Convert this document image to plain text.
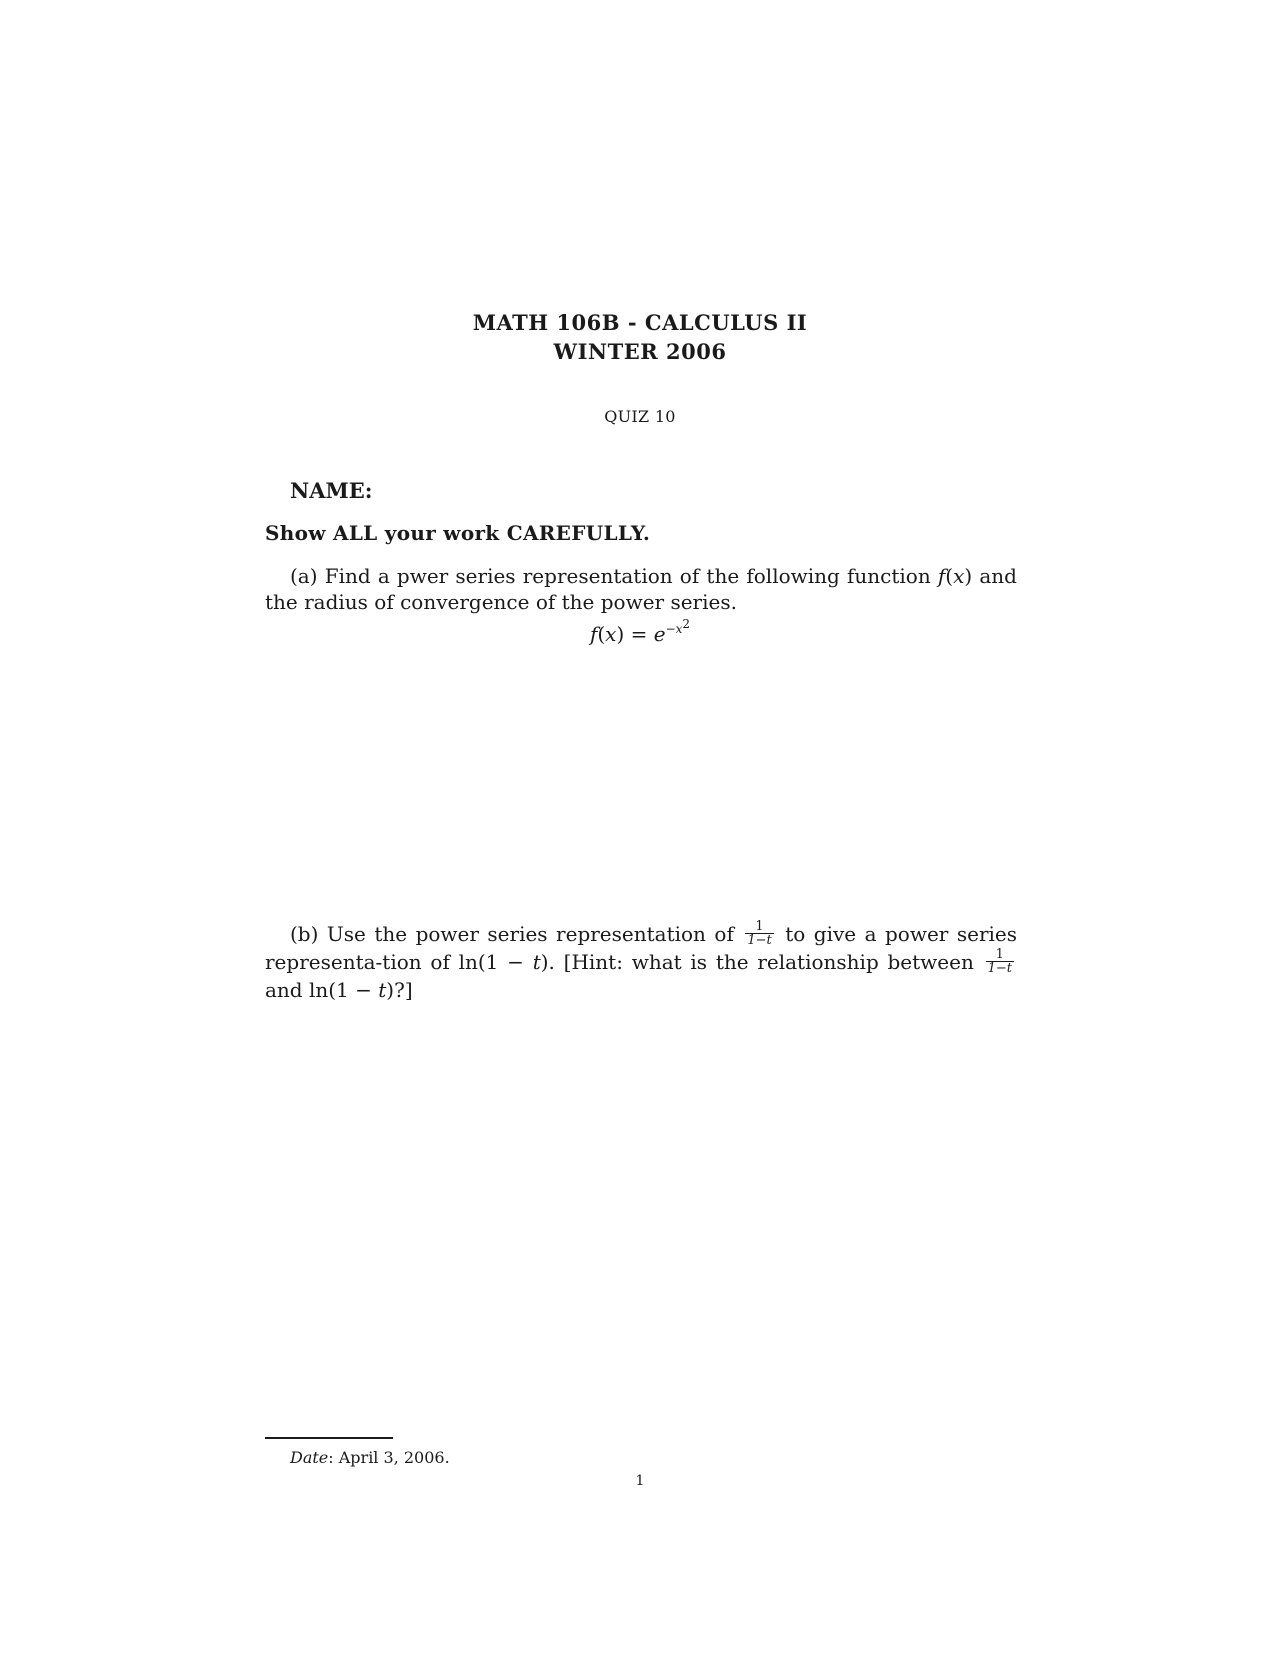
MATH 106B - CALCULUS II
WINTER 2006
QUIZ 10
NAME:
Show ALL your work CAREFULLY.
(a) Find a pwer series representation of the following function f(x) and the radius of convergence of the power series.
$f(x) = e^{-x^2}$
(b) Use the power series representation of $\frac{1}{1-t}$ to give a power series representa-tion of ln(1 − t). [Hint: what is the relationship between $\frac{1}{1-t}$
and ln(1 − t)?]
Date: April 3, 2006.
1
